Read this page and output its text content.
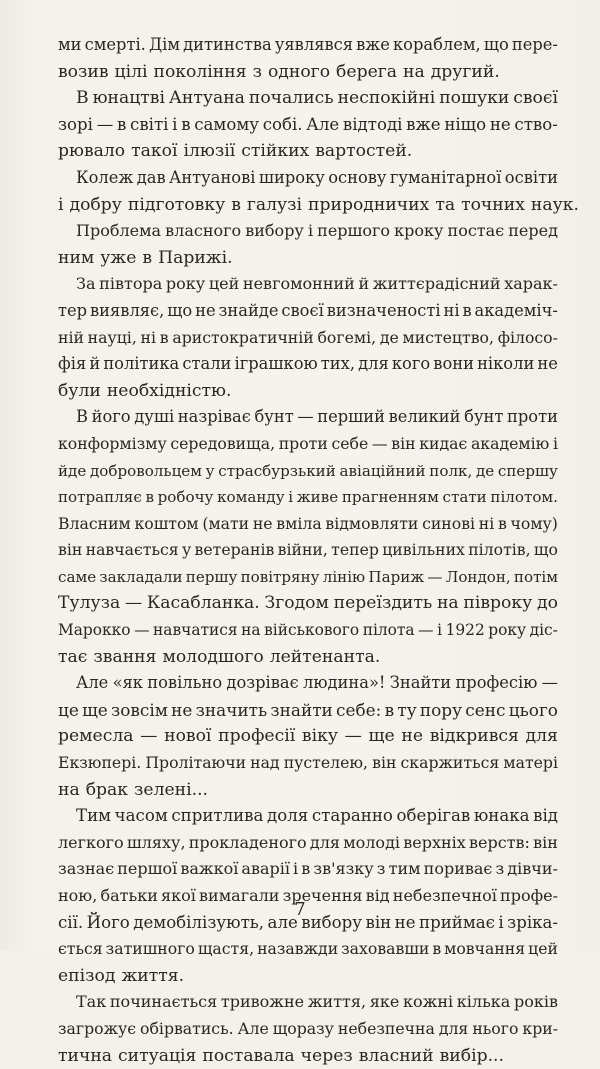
ми смерті. Дім дитинства уявлявся вже кораблем, що пере-
возив цілі покоління з одного берега на другий.
В юнацтві Антуана почались неспокійні пошуки своєї
зорі — в світі і в самому собі. Але відтоді вже ніщо не ство-
рювало такої ілюзії стійких вартостей.
Колеж дав Антуанові широку основу гуманітарної освіти
і добру підготовку в галузі природничих та точних наук.
Проблема власного вибору і першого кроку постає перед
ним уже в Парижі.
За півтора року цей невгомонний й життєрадісний харак-
тер виявляє, що не знайде своєї визначеності ні в академіч-
ній науці, ні в аристократичній богемі, де мистецтво, філосо-
фія й політика стали іграшкою тих, для кого вони ніколи не
були необхідністю.
В його душі назріває бунт — перший великий бунт проти
конформізму середовища, проти себе — він кидає академію і
йде добровольцем у страсбурзький авіаційний полк, де спершу
потрапляє в робочу команду і живе прагненням стати пілотом.
Власним коштом (мати не вміла відмовляти синові ні в чому)
він навчається у ветеранів війни, тепер цивільних пілотів, що
саме закладали першу повітряну лінію Париж — Лондон, потім
Тулуза — Касабланка. Згодом переїздить на півроку до
Марокко — навчатися на військового пілота — і 1922 року діс-
тає звання молодшого лейтенанта.
Але «як повільно дозріває людина»! Знайти професію —
це ще зовсім не значить знайти себе: в ту пору сенс цього
ремесла — нової професії віку — ще не відкрився для
Екзюпері. Пролітаючи над пустелею, він скаржиться матері
на брак зелені...
Тим часом спритлива доля старанно оберігав юнака від
легкого шляху, прокладеного для молоді верхніх верств: він
зазнає першої важкої аварії і в зв'язку з тим пориває з дівчи-
ною, батьки якої вимагали зречення від небезпечної профе-
сії. Його демобілізують, але вибору він не приймає і зріка-
ється затишного щастя, назавжди заховавши в мовчання цей
епізод життя.
Так починається тривожне життя, яке кожні кілька років
загрожує обірватись. Але щоразу небезпечна для нього кри-
тична ситуація поставала через власний вибір...
7
